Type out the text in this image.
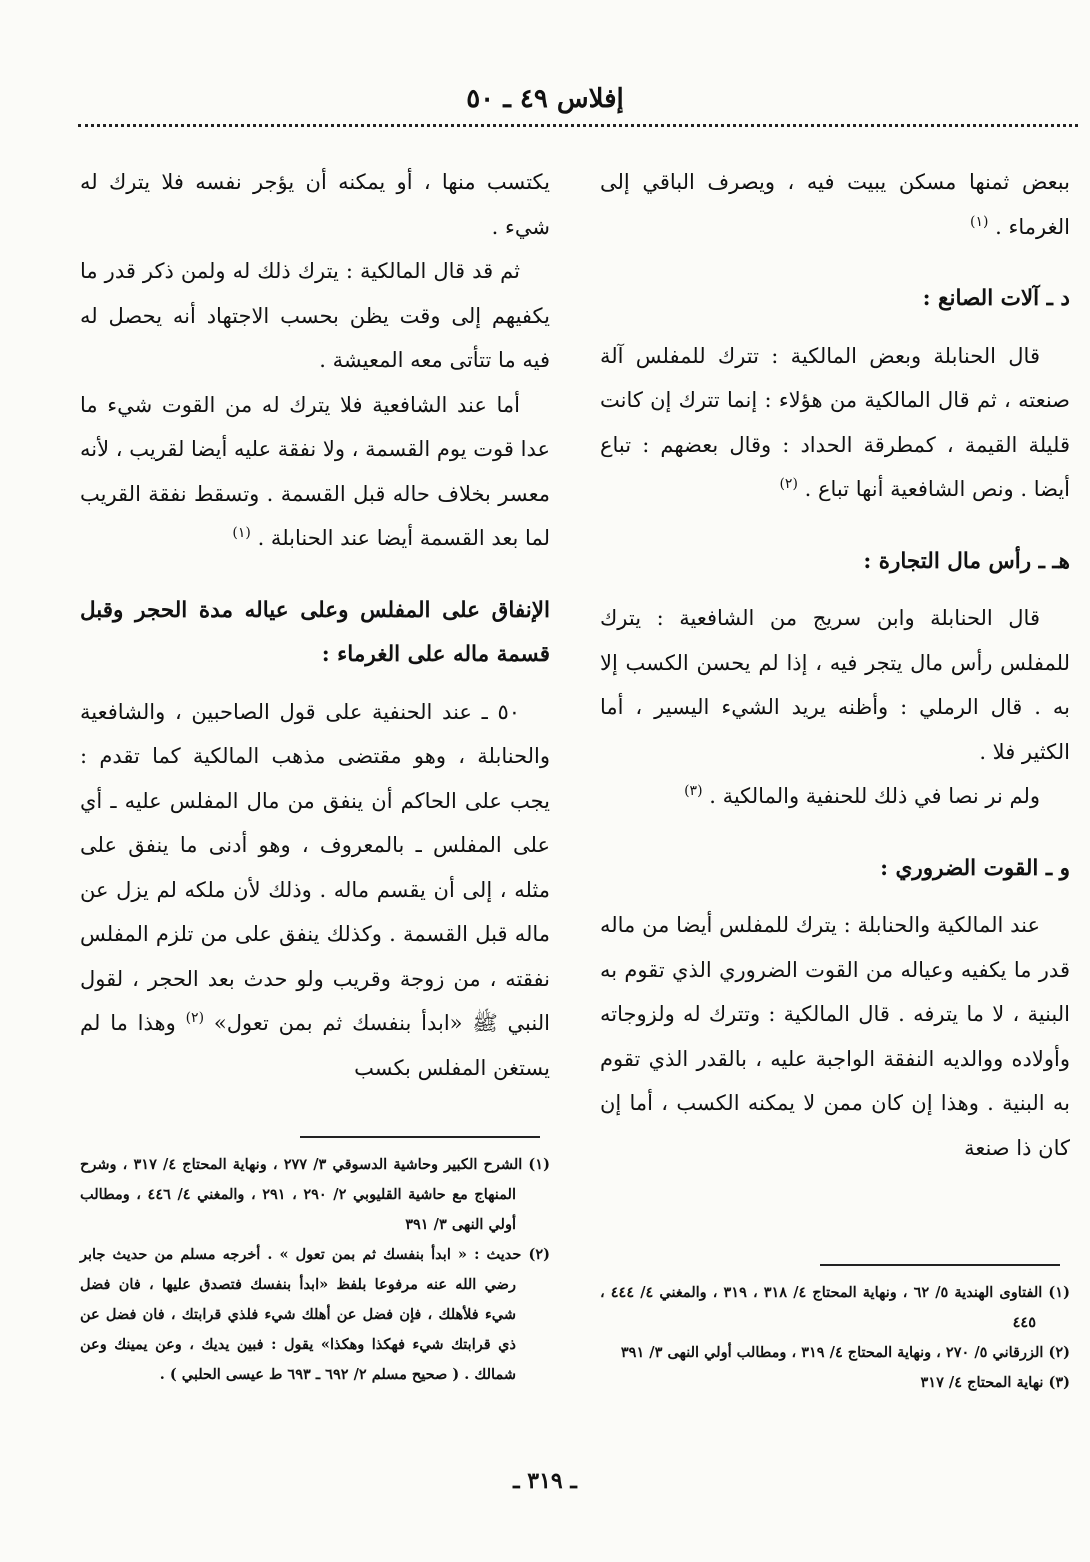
إفلاس ٤٩ ـ ٥٠

ببعض ثمنها مسكن يبيت فيه ، ويصرف الباقي إلى الغرماء . $^{(١)}$

د ـ آلات الصانع :

قال الحنابلة وبعض المالكية : تترك للمفلس آلة صنعته ، ثم قال المالكية من هؤلاء : إنما تترك إن كانت قليلة القيمة ، كمطرقة الحداد : وقال بعضهم : تباع أيضا . ونص الشافعية أنها تباع . $^{(٢)}$

هـ ـ رأس مال التجارة :

قال الحنابلة وابن سريج من الشافعية : يترك للمفلس رأس مال يتجر فيه ، إذا لم يحسن الكسب إلا به . قال الرملي : وأظنه يريد الشيء اليسير ، أما الكثير فلا .

ولم نر نصا في ذلك للحنفية والمالكية . $^{(٣)}$

و ـ القوت الضروري :

عند المالكية والحنابلة : يترك للمفلس أيضا من ماله قدر ما يكفيه وعياله من القوت الضروري الذي تقوم به البنية ، لا ما يترفه . قال المالكية : وتترك له ولزوجاته وأولاده ووالديه النفقة الواجبة عليه ، بالقدر الذي تقوم به البنية . وهذا إن كان ممن لا يمكنه الكسب ، أما إن كان ذا صنعة

يكتسب منها ، أو يمكنه أن يؤجر نفسه فلا يترك له شيء .

ثم قد قال المالكية : يترك ذلك له ولمن ذكر قدر ما يكفيهم إلى وقت يظن بحسب الاجتهاد أنه يحصل له فيه ما تتأتى معه المعيشة .

أما عند الشافعية فلا يترك له من القوت شيء ما عدا قوت يوم القسمة ، ولا نفقة عليه أيضا لقريب ، لأنه معسر بخلاف حاله قبل القسمة . وتسقط نفقة القريب لما بعد القسمة أيضا عند الحنابلة . $^{(١)}$

الإنفاق على المفلس وعلى عياله مدة الحجر وقبل قسمة ماله على الغرماء :

٥٠ ـ عند الحنفية على قول الصاحبين ، والشافعية والحنابلة ، وهو مقتضى مذهب المالكية كما تقدم : يجب على الحاكم أن ينفق من مال المفلس عليه ـ أي على المفلس ـ بالمعروف ، وهو أدنى ما ينفق على مثله ، إلى أن يقسم ماله . وذلك لأن ملكه لم يزل عن ماله قبل القسمة . وكذلك ينفق على من تلزم المفلس نفقته ، من زوجة وقريب ولو حدث بعد الحجر ، لقول النبي ﷺ «ابدأ بنفسك ثم بمن تعول» $^{(٢)}$ وهذا ما لم يستغن المفلس بكسب

(١) الشرح الكبير وحاشية الدسوقي ٣/ ٢٧٧ ، ونهاية المحتاج ٤/ ٣١٧ ، وشرح المنهاج مع حاشية القليوبي ٢/ ٢٩٠ ، ٢٩١ ، والمغني ٤/ ٤٤٦ ، ومطالب أولي النهى ٣/ ٣٩١

(٢) حديث : « ابدأ بنفسك ثم بمن تعول » . أخرجه مسلم من حديث جابر رضي الله عنه مرفوعا بلفظ «ابدأ بنفسك فتصدق عليها ، فان فضل شيء فلأهلك ، فإن فضل عن أهلك شيء فلذي قرابتك ، فان فضل عن ذي قرابتك شيء فهكذا وهكذا» يقول : فبين يديك ، وعن يمينك وعن شمالك . ( صحيح مسلم ٢/ ٦٩٢ ـ ٦٩٣ ط عيسى الحلبي ) .

(١) الفتاوى الهندية ٥/ ٦٢ ، ونهاية المحتاج ٤/ ٣١٨ ، ٣١٩ ، والمغني ٤/ ٤٤٤ ، ٤٤٥

(٢) الزرقاني ٥/ ٢٧٠ ، ونهاية المحتاج ٤/ ٣١٩ ، ومطالب أولي النهى ٣/ ٣٩١

(٣) نهاية المحتاج ٤/ ٣١٧

ـ ٣١٩ ـ
